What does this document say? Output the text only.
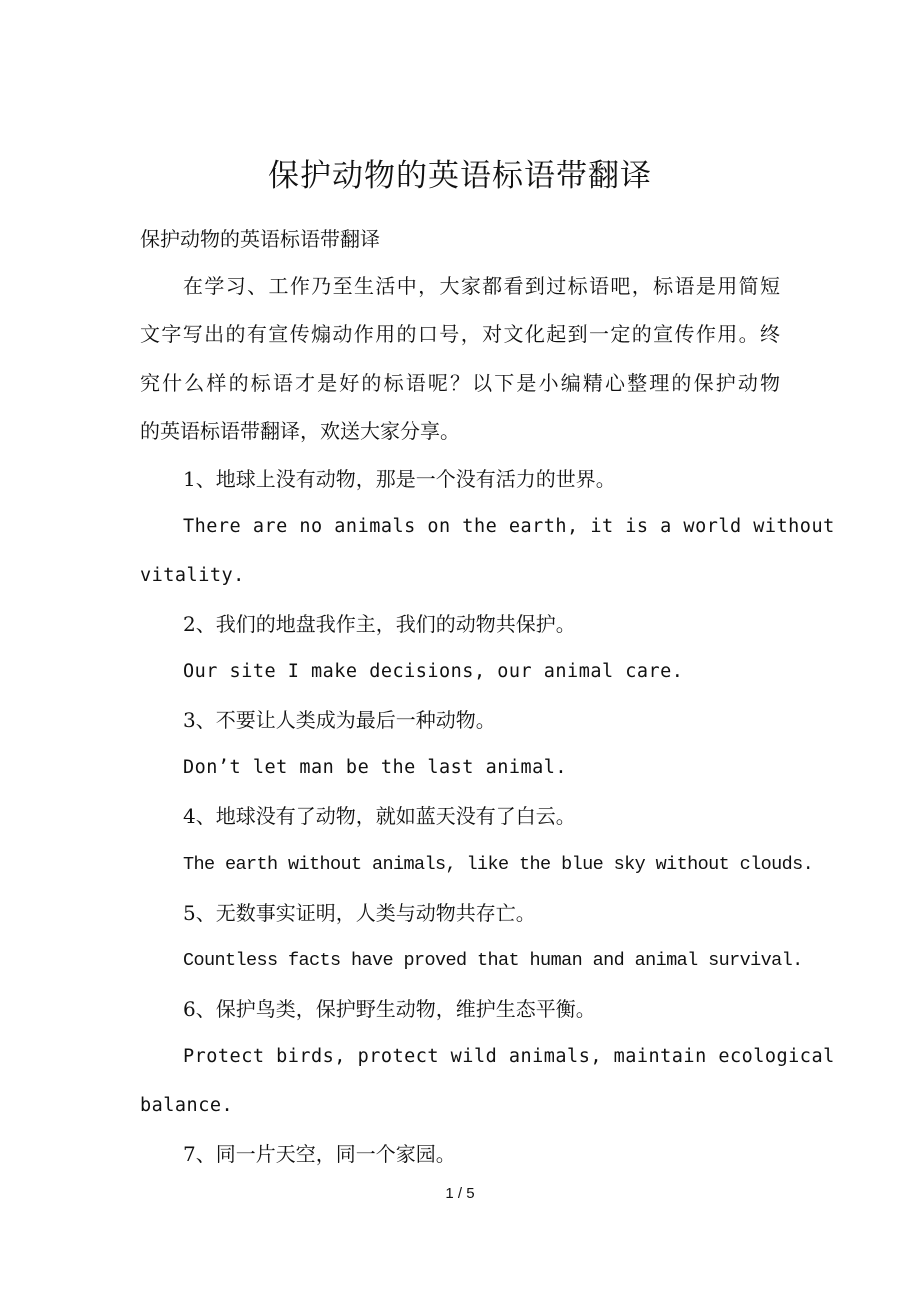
保护动物的英语标语带翻译
保护动物的英语标语带翻译
在学习、工作乃至生活中，大家都看到过标语吧，标语是用简短
文字写出的有宣传煽动作用的口号，对文化起到一定的宣传作用。终
究什么样的标语才是好的标语呢？以下是小编精心整理的保护动物
的英语标语带翻译，欢送大家分享。
1、地球上没有动物，那是一个没有活力的世界。
There are no animals on the earth, it is a world without
vitality.
2、我们的地盘我作主，我们的动物共保护。
Our site I make decisions, our animal care.
3、不要让人类成为最后一种动物。
Don’t let man be the last animal.
4、地球没有了动物，就如蓝天没有了白云。
The earth without animals, like the blue sky without clouds.
5、无数事实证明，人类与动物共存亡。
Countless facts have proved that human and animal survival.
6、保护鸟类，保护野生动物，维护生态平衡。
Protect birds, protect wild animals, maintain ecological
balance.
7、同一片天空，同一个家园。
1 / 5
